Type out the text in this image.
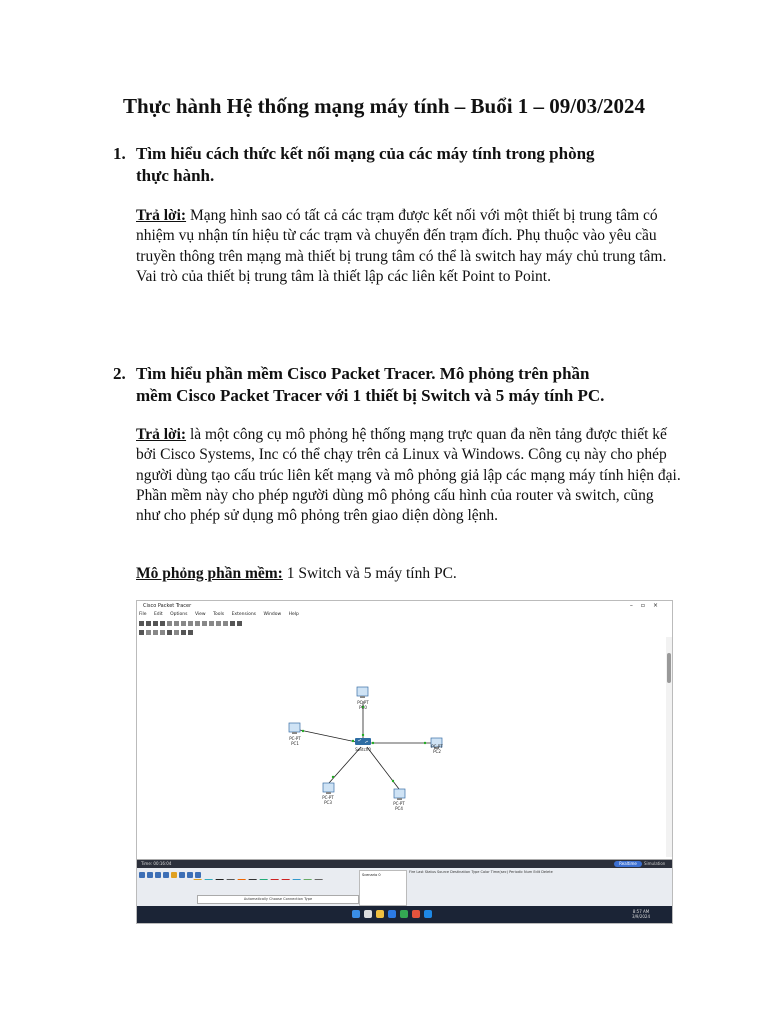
Thực hành Hệ thống mạng máy tính – Buổi 1 – 09/03/2024
1. Tìm hiểu cách thức kết nối mạng của các máy tính trong phòng
thực hành.
Trả lời: Mạng hình sao có tất cả các trạm được kết nối với một thiết bị trung tâm có nhiệm vụ nhận tín hiệu từ các trạm và chuyển đến trạm đích. Phụ thuộc vào yêu cầu truyền thông trên mạng mà thiết bị trung tâm có thể là switch hay máy chủ trung tâm. Vai trò của thiết bị trung tâm là thiết lập các liên kết Point to Point.
2. Tìm hiểu phần mềm Cisco Packet Tracer. Mô phỏng trên phần
mềm Cisco Packet Tracer với 1 thiết bị Switch và 5 máy tính PC.
Trả lời: là một công cụ mô phỏng hệ thống mạng trực quan đa nền tảng được thiết kế bởi Cisco Systems, Inc có thể chạy trên cả Linux và Windows. Công cụ này cho phép người dùng tạo cấu trúc liên kết mạng và mô phỏng giả lập các mạng máy tính hiện đại. Phần mềm này cho phép người dùng mô phỏng cấu hình của router và switch, cũng như cho phép sử dụng mô phỏng trên giao diện dòng lệnh.
Mô phỏng phần mềm: 1 Switch và 5 máy tính PC.
Cisco Packet Tracer	–▫×
File Edit Options View Tools Extensions Window Help
Switch0
PC-PT
PC0
PC-PT
PC1
PC-PT
PC2
PC-PT
PC3	PC-PT
PC4
Time: 00:16:04	Realtime	Simulation
Automatically Choose Connection Type
Scenario 0
Fire Last Status Source Destination Type Color Time(sec) Periodic Num Edit Delete
8:57 AM
3/9/2024
